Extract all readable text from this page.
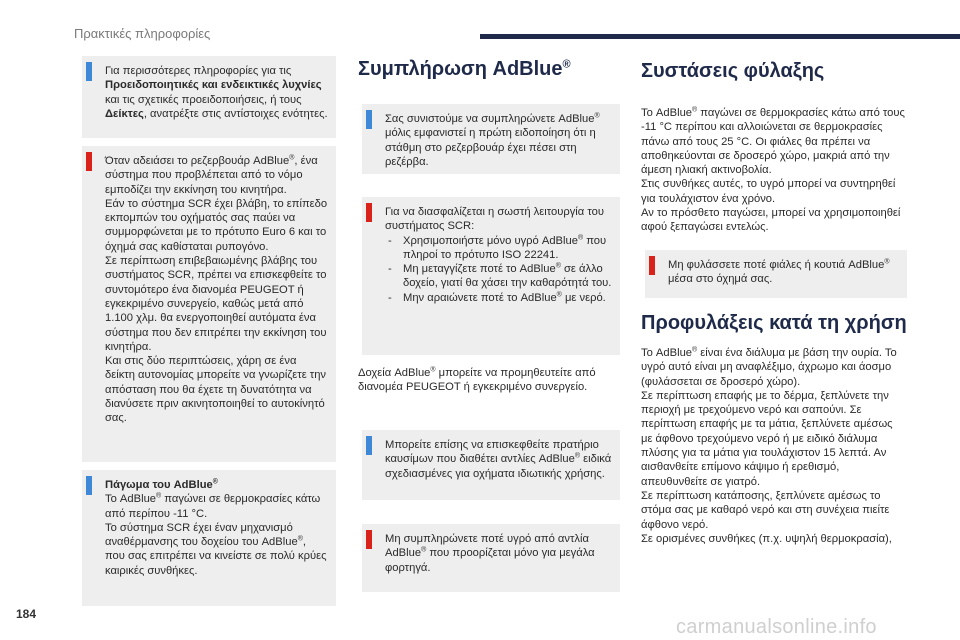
Πρακτικές πληροφορίες
Για περισσότερες πληροφορίες για τις Προειδοποιητικές και ενδεικτικές λυχνίες και τις σχετικές προειδοποιήσεις, ή τους Δείκτες, ανατρέξτε στις αντίστοιχες ενότητες.

Όταν αδειάσει το ρεζερβουάρ AdBlue®, ένα σύστημα που προβλέπεται από το νόμο εμποδίζει την εκκίνηση του κινητήρα.

Εάν το σύστημα SCR έχει βλάβη, το επίπεδο εκπομπών του οχήματός σας παύει να συμμορφώνεται με το πρότυπο Euro 6 και το όχημά σας καθίσταται ρυπογόνο.

Σε περίπτωση επιβεβαιωμένης βλάβης του συστήματος SCR, πρέπει να επισκεφθείτε το συντομότερο ένα διανομέα PEUGEOT ή εγκεκριμένο συνεργείο, καθώς μετά από 1.100 χλμ. θα ενεργοποιηθεί αυτόματα ένα σύστημα που δεν επιτρέπει την εκκίνηση του κινητήρα.

Και στις δύο περιπτώσεις, χάρη σε ένα δείκτη αυτονομίας μπορείτε να γνωρίζετε την απόσταση που θα έχετε τη δυνατότητα να διανύσετε πριν ακινητοποιηθεί το αυτοκίνητό σας.

Πάγωμα του AdBlue®

Το AdBlue® παγώνει σε θερμοκρασίες κάτω από περίπου -11 °C.

Το σύστημα SCR έχει έναν μηχανισμό αναθέρμανσης του δοχείου του AdBlue®, που σας επιτρέπει να κινείστε σε πολύ κρύες καιρικές συνθήκες.

Συμπλήρωση AdBlue®
Σας συνιστούμε να συμπληρώνετε AdBlue® μόλις εμφανιστεί η πρώτη ειδοποίηση ότι η στάθμη στο ρεζερβουάρ έχει πέσει στη ρεζέρβα.

Για να διασφαλίζεται η σωστή λειτουργία του συστήματος SCR:

- Χρησιμοποιήστε μόνο υγρό AdBlue® που πληροί το πρότυπο ISO 22241.
- Μη μεταγγίζετε ποτέ το AdBlue® σε άλλο δοχείο, γιατί θα χάσει την καθαρότητά του.
- Μην αραιώνετε ποτέ το AdBlue® με νερό.
Δοχεία AdBlue® μπορείτε να προμηθευτείτε από διανομέα PEUGEOT ή εγκεκριμένο συνεργείο.
Μπορείτε επίσης να επισκεφθείτε πρατήριο καυσίμων που διαθέτει αντλίες AdBlue® ειδικά σχεδιασμένες για οχήματα ιδιωτικής χρήσης.
Μη συμπληρώνετε ποτέ υγρό από αντλία AdBlue® που προορίζεται μόνο για μεγάλα φορτηγά.
Συστάσεις φύλαξης

Το AdBlue® παγώνει σε θερμοκρασίες κάτω από τους -11 °C περίπου και αλλοιώνεται σε θερμοκρασίες πάνω από τους 25 °C. Οι φιάλες θα πρέπει να αποθηκεύονται σε δροσερό χώρο, μακριά από την άμεση ηλιακή ακτινοβολία.

Στις συνθήκες αυτές, το υγρό μπορεί να συντηρηθεί για τουλάχιστον ένα χρόνο.

Αν το πρόσθετο παγώσει, μπορεί να χρησιμοποιηθεί αφού ξεπαγώσει εντελώς.

Μη φυλάσσετε ποτέ φιάλες ή κουτιά AdBlue® μέσα στο όχημά σας.
Προφυλάξεις κατά τη χρήση

Το AdBlue® είναι ένα διάλυμα με βάση την ουρία. Το υγρό αυτό είναι μη αναφλέξιμο, άχρωμο και άοσμο (φυλάσσεται σε δροσερό χώρο).

Σε περίπτωση επαφής με το δέρμα, ξεπλύνετε την περιοχή με τρεχούμενο νερό και σαπούνι. Σε περίπτωση επαφής με τα μάτια, ξεπλύνετε αμέσως με άφθονο τρεχούμενο νερό ή με ειδικό διάλυμα πλύσης για τα μάτια για τουλάχιστον 15 λεπτά. Αν αισθανθείτε επίμονο κάψιμο ή ερεθισμό, απευθυνθείτε σε γιατρό.

Σε περίπτωση κατάποσης, ξεπλύνετε αμέσως το στόμα σας με καθαρό νερό και στη συνέχεια πιείτε άφθονο νερό.

Σε ορισμένες συνθήκες (π.χ. υψηλή θερμοκρασία),

184
carmanualsonline.info
